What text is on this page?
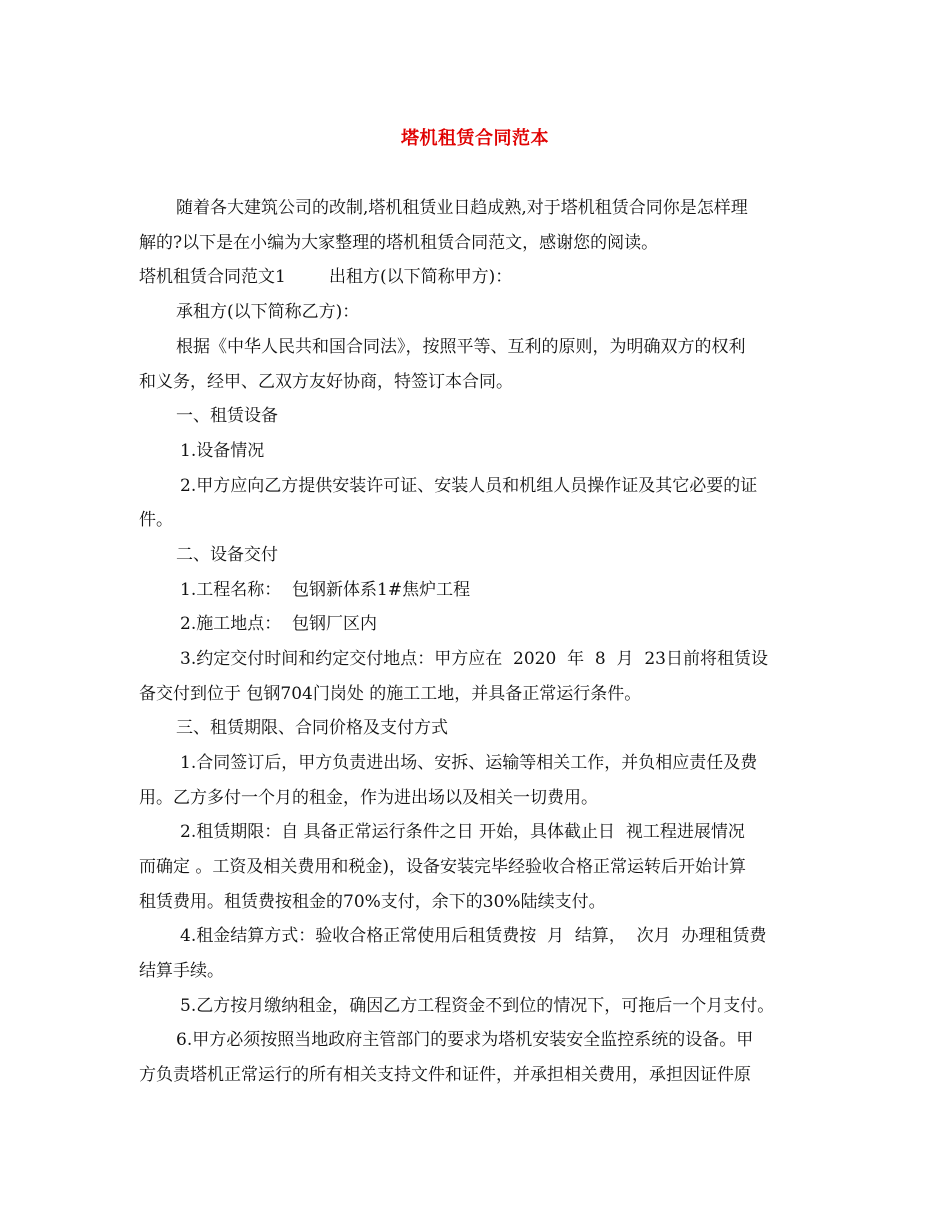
塔机租赁合同范本
随着各大建筑公司的改制,塔机租赁业日趋成熟,对于塔机租赁合同你是怎样理
解的?以下是在小编为大家整理的塔机租赁合同范文，感谢您的阅读。
塔机租赁合同范文1        出租方(以下简称甲方)：
承租方(以下简称乙方)：
根据《中华人民共和国合同法》，按照平等、互利的原则，为明确双方的权利
和义务，经甲、乙双方友好协商，特签订本合同。
一、租赁设备
1.设备情况
2.甲方应向乙方提供安装许可证、安装人员和机组人员操作证及其它必要的证
件。
二、设备交付
1.工程名称：  包钢新体系1#焦炉工程
2.施工地点：  包钢厂区内
3.约定交付时间和约定交付地点：甲方应在  2020  年  8  月  23日前将租赁设
备交付到位于 包钢704门岗处 的施工工地，并具备正常运行条件。
三、租赁期限、合同价格及支付方式
1.合同签订后，甲方负责进出场、安拆、运输等相关工作，并负相应责任及费
用。乙方多付一个月的租金，作为进出场以及相关一切费用。
2.租赁期限：自 具备正常运行条件之日 开始，具体截止日  视工程进展情况
而确定 。工资及相关费用和税金)，设备安装完毕经验收合格正常运转后开始计算
租赁费用。租赁费按租金的70%支付，余下的30%陆续支付。
4.租金结算方式：验收合格正常使用后租赁费按  月  结算，  次月  办理租赁费
结算手续。
5.乙方按月缴纳租金，确因乙方工程资金不到位的情况下，可拖后一个月支付。
6.甲方必须按照当地政府主管部门的要求为塔机安装安全监控系统的设备。甲
方负责塔机正常运行的所有相关支持文件和证件，并承担相关费用，承担因证件原
